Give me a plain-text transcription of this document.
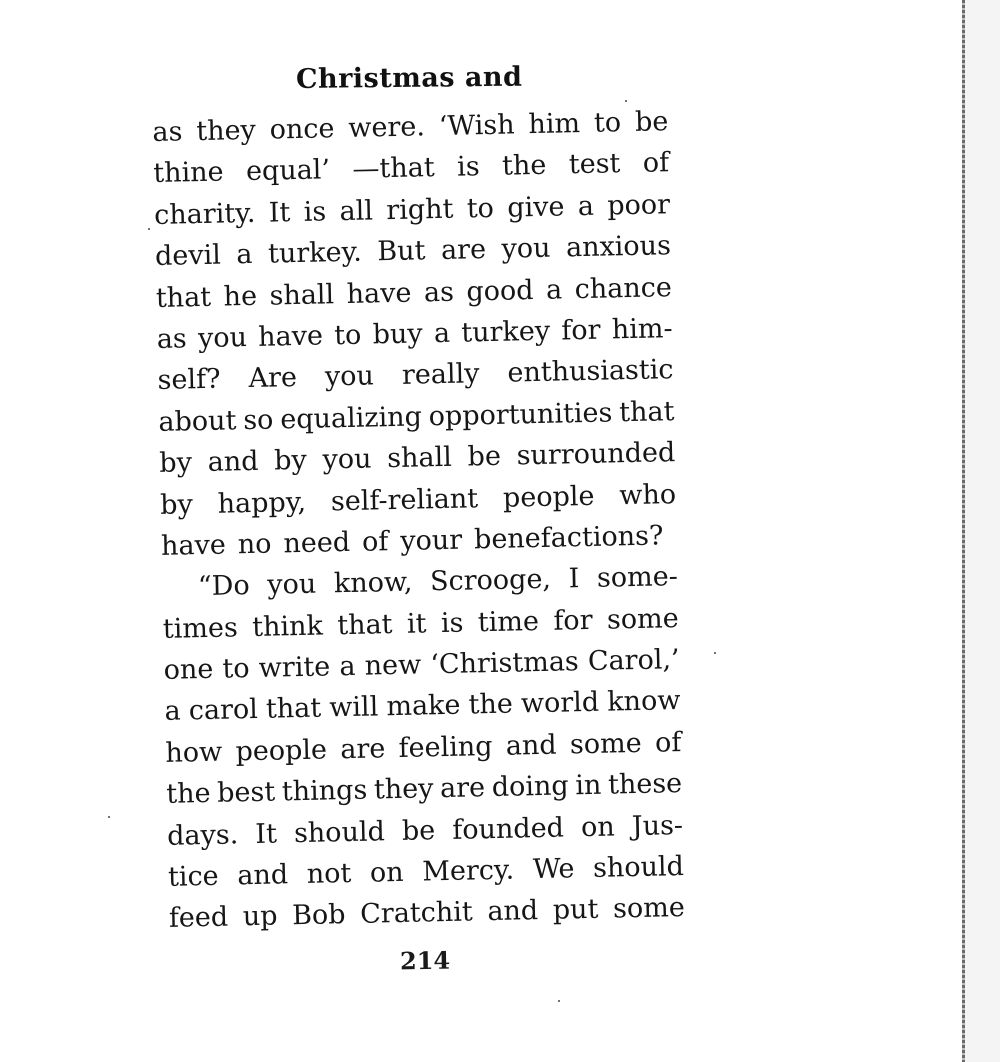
Christmas and
as they once were. ‘Wish him to be
thine equal’ —that is the test of
charity. It is all right to give a poor
devil a turkey. But are you anxious
that he shall have as good a chance
as you have to buy a turkey for him-
self? Are you really enthusiastic
about so equalizing opportunities that
by and by you shall be surrounded
by happy, self-reliant people who
have no need of your benefactions?
“Do you know, Scrooge, I some-
times think that it is time for some
one to write a new ‘Christmas Carol,’
a carol that will make the world know
how people are feeling and some of
the best things they are doing in these
days. It should be founded on Jus-
tice and not on Mercy. We should
feed up Bob Cratchit and put some
214
